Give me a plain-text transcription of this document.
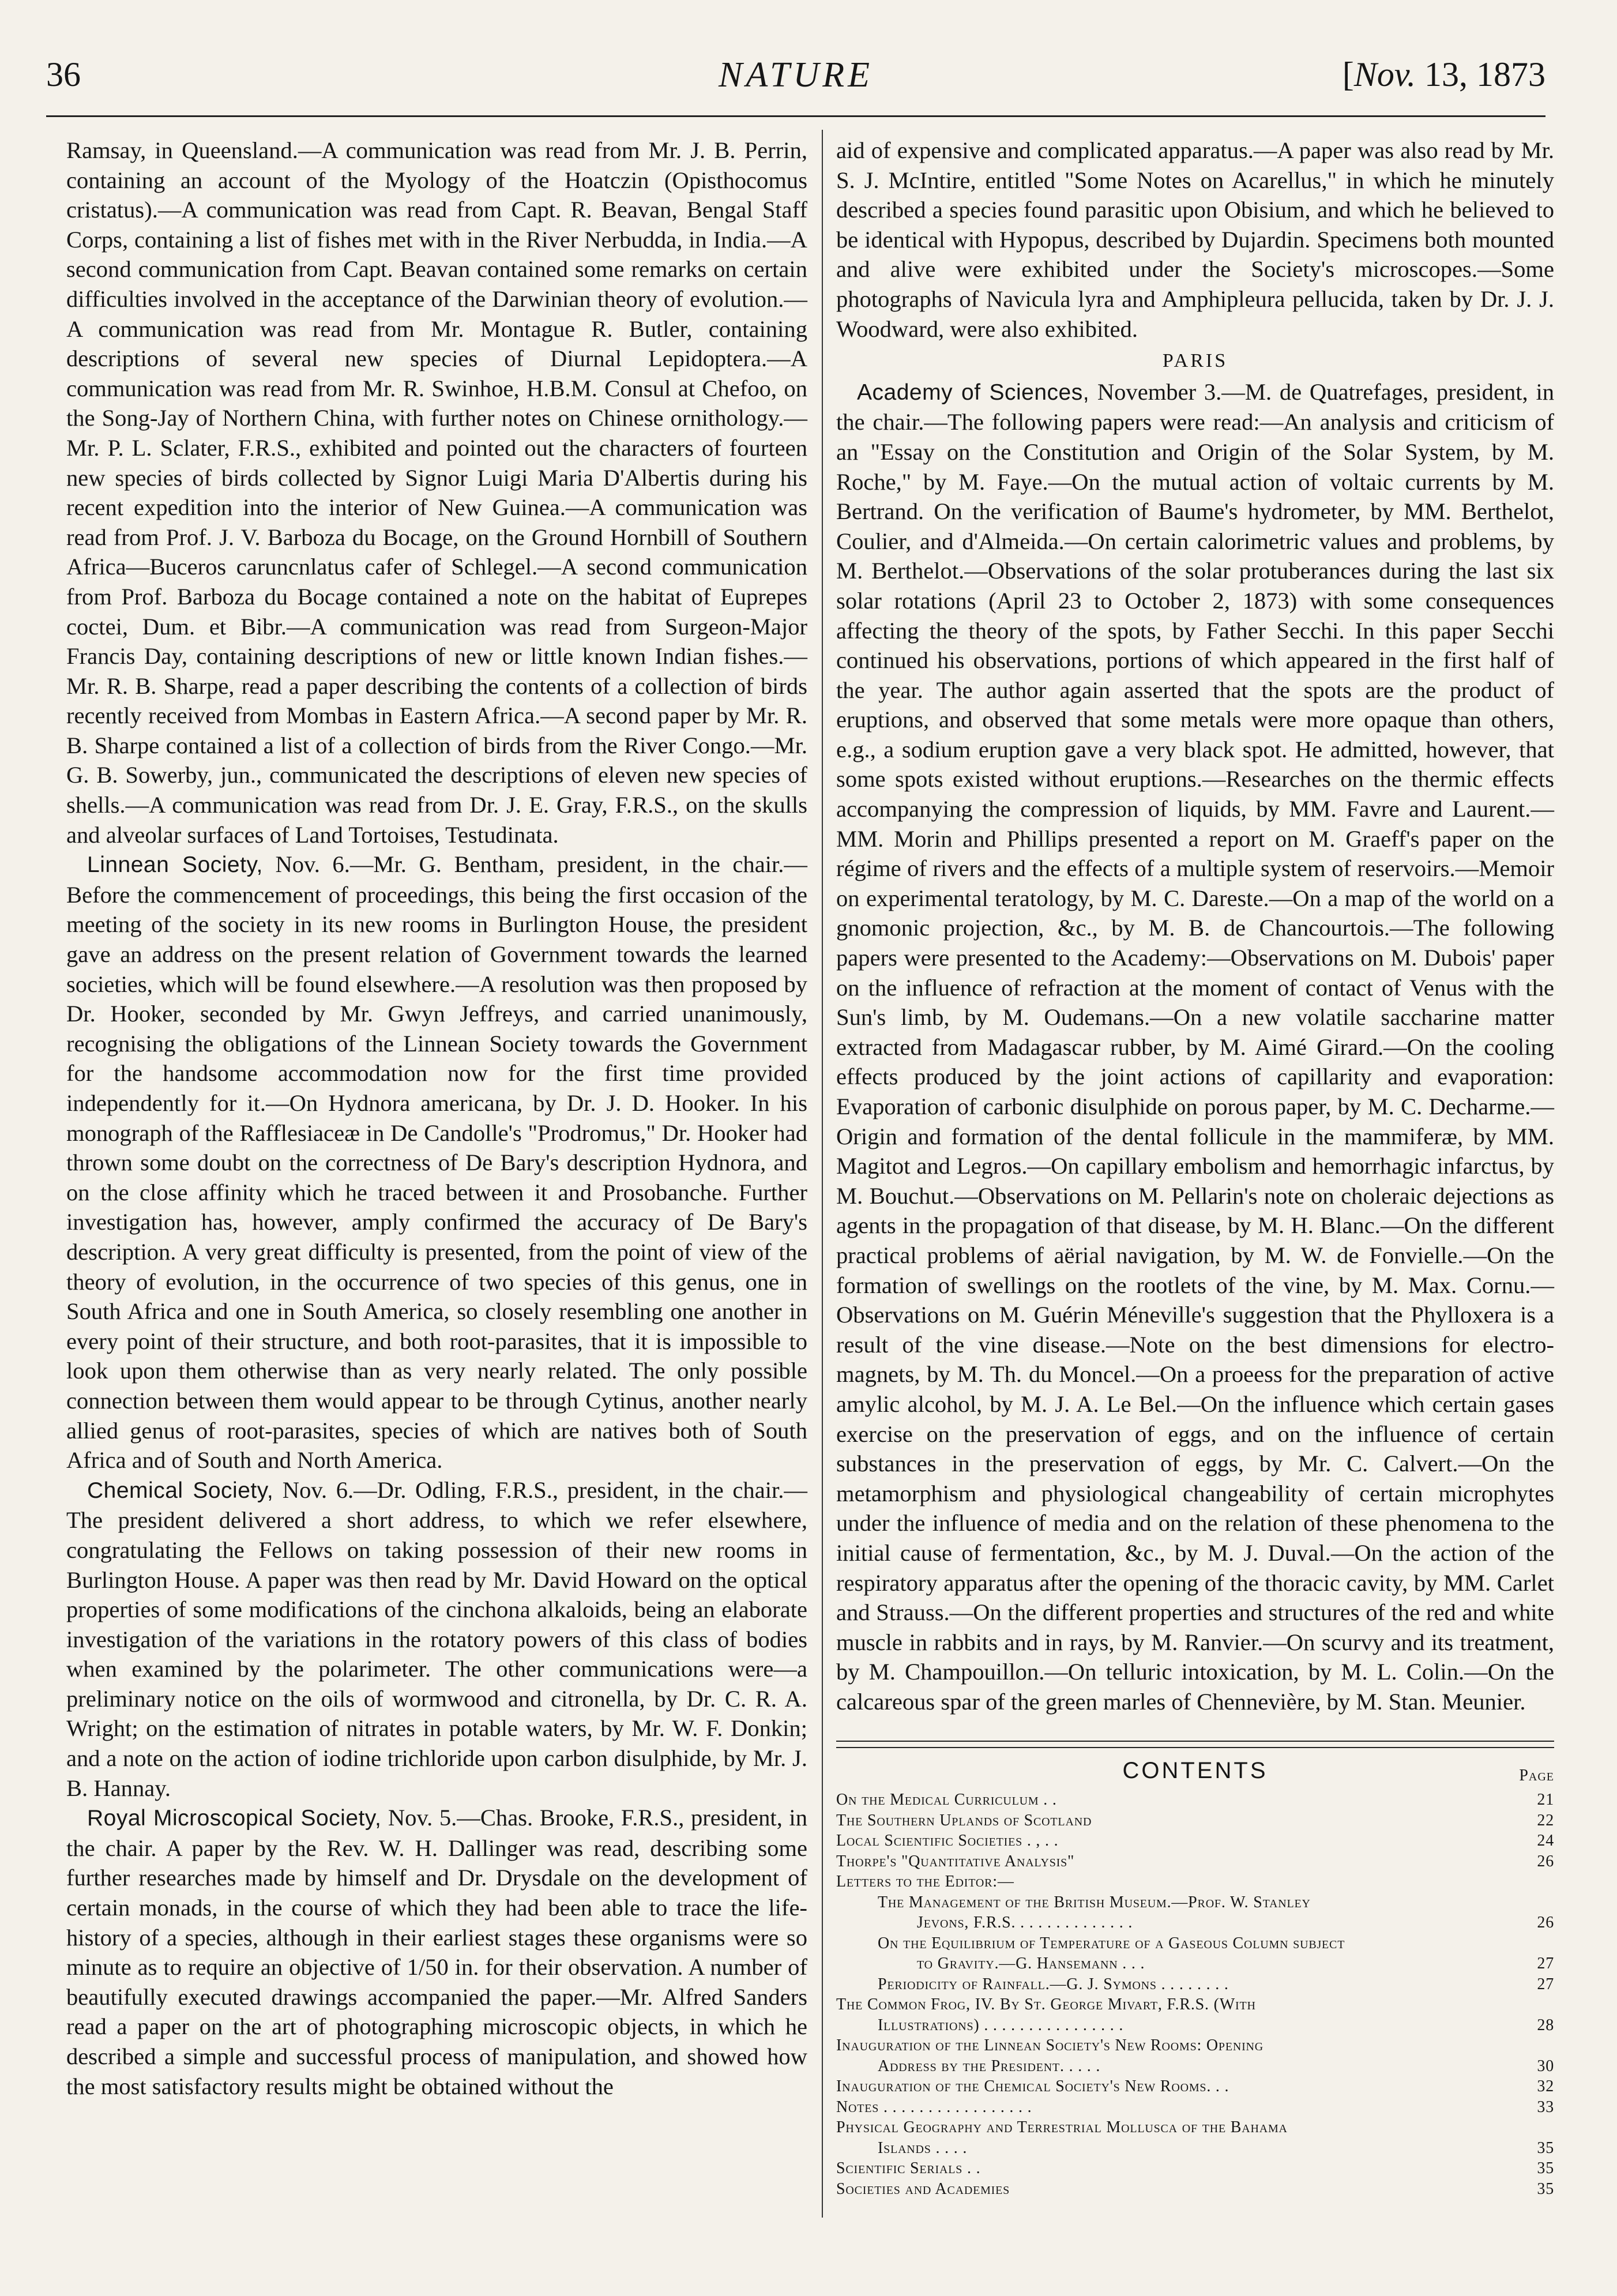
36	NATURE	[Nov. 13, 1873

Ramsay, in Queensland.—A communication was read from Mr. J. B. Perrin, containing an account of the Myology of the Hoatczin (Opisthocomus cristatus).—A communication was read from Capt. R. Beavan, Bengal Staff Corps, containing a list of fishes met with in the River Nerbudda, in India.—A second communication from Capt. Beavan contained some remarks on certain difficulties involved in the acceptance of the Darwinian theory of evolution.—A communication was read from Mr. Montague R. Butler, containing descriptions of several new species of Diurnal Lepidoptera.—A communication was read from Mr. R. Swinhoe, H.B.M. Consul at Chefoo, on the Song-Jay of Northern China, with further notes on Chinese ornithology.—Mr. P. L. Sclater, F.R.S., exhibited and pointed out the characters of fourteen new species of birds collected by Signor Luigi Maria D'Albertis during his recent expedition into the interior of New Guinea.—A communication was read from Prof. J. V. Barboza du Bocage, on the Ground Hornbill of Southern Africa—Buceros caruncnlatus cafer of Schlegel.—A second communication from Prof. Barboza du Bocage contained a note on the habitat of Euprepes coctei, Dum. et Bibr.—A communication was read from Surgeon-Major Francis Day, containing descriptions of new or little known Indian fishes.—Mr. R. B. Sharpe, read a paper describing the contents of a collection of birds recently received from Mombas in Eastern Africa.—A second paper by Mr. R. B. Sharpe contained a list of a collection of birds from the River Congo.—Mr. G. B. Sowerby, jun., communicated the descriptions of eleven new species of shells.—A communication was read from Dr. J. E. Gray, F.R.S., on the skulls and alveolar surfaces of Land Tortoises, Testudinata.

Linnean Society, Nov. 6.—Mr. G. Bentham, president, in the chair.—Before the commencement of proceedings, this being the first occasion of the meeting of the society in its new rooms in Burlington House, the president gave an address on the present relation of Government towards the learned societies, which will be found elsewhere.—A resolution was then proposed by Dr. Hooker, seconded by Mr. Gwyn Jeffreys, and carried unanimously, recognising the obligations of the Linnean Society towards the Government for the handsome accommodation now for the first time provided independently for it.—On Hydnora americana, by Dr. J. D. Hooker. In his monograph of the Rafflesiaceæ in De Candolle's "Prodromus," Dr. Hooker had thrown some doubt on the correctness of De Bary's description Hydnora, and on the close affinity which he traced between it and Prosobanche. Further investigation has, however, amply confirmed the accuracy of De Bary's description. A very great difficulty is presented, from the point of view of the theory of evolution, in the occurrence of two species of this genus, one in South Africa and one in South America, so closely resembling one another in every point of their structure, and both root-parasites, that it is impossible to look upon them otherwise than as very nearly related. The only possible connection between them would appear to be through Cytinus, another nearly allied genus of root-parasites, species of which are natives both of South Africa and of South and North America.

Chemical Society, Nov. 6.—Dr. Odling, F.R.S., president, in the chair.—The president delivered a short address, to which we refer elsewhere, congratulating the Fellows on taking possession of their new rooms in Burlington House. A paper was then read by Mr. David Howard on the optical properties of some modifications of the cinchona alkaloids, being an elaborate investigation of the variations in the rotatory powers of this class of bodies when examined by the polarimeter. The other communications were—a preliminary notice on the oils of wormwood and citronella, by Dr. C. R. A. Wright; on the estimation of nitrates in potable waters, by Mr. W. F. Donkin; and a note on the action of iodine trichloride upon carbon disulphide, by Mr. J. B. Hannay.

Royal Microscopical Society, Nov. 5.—Chas. Brooke, F.R.S., president, in the chair. A paper by the Rev. W. H. Dallinger was read, describing some further researches made by himself and Dr. Drysdale on the development of certain monads, in the course of which they had been able to trace the life-history of a species, although in their earliest stages these organisms were so minute as to require an objective of 1/50 in. for their observation. A number of beautifully executed drawings accompanied the paper.—Mr. Alfred Sanders read a paper on the art of photographing microscopic objects, in which he described a simple and successful process of manipulation, and showed how the most satisfactory results might be obtained without the

aid of expensive and complicated apparatus.—A paper was also read by Mr. S. J. McIntire, entitled "Some Notes on Acarellus," in which he minutely described a species found parasitic upon Obisium, and which he believed to be identical with Hypopus, described by Dujardin. Specimens both mounted and alive were exhibited under the Society's microscopes.—Some photographs of Navicula lyra and Amphipleura pellucida, taken by Dr. J. J. Woodward, were also exhibited.

PARIS

Academy of Sciences, November 3.—M. de Quatrefages, president, in the chair.—The following papers were read:—An analysis and criticism of an "Essay on the Constitution and Origin of the Solar System, by M. Roche," by M. Faye.—On the mutual action of voltaic currents by M. Bertrand. On the verification of Baume's hydrometer, by MM. Berthelot, Coulier, and d'Almeida.—On certain calorimetric values and problems, by M. Berthelot.—Observations of the solar protuberances during the last six solar rotations (April 23 to October 2, 1873) with some consequences affecting the theory of the spots, by Father Secchi. In this paper Secchi continued his observations, portions of which appeared in the first half of the year. The author again asserted that the spots are the product of eruptions, and observed that some metals were more opaque than others, e.g., a sodium eruption gave a very black spot. He admitted, however, that some spots existed without eruptions.—Researches on the thermic effects accompanying the compression of liquids, by MM. Favre and Laurent.—MM. Morin and Phillips presented a report on M. Graeff's paper on the régime of rivers and the effects of a multiple system of reservoirs.—Memoir on experimental teratology, by M. C. Dareste.—On a map of the world on a gnomonic projection, &c., by M. B. de Chancourtois.—The following papers were presented to the Academy:—Observations on M. Dubois' paper on the influence of refraction at the moment of contact of Venus with the Sun's limb, by M. Oudemans.—On a new volatile saccharine matter extracted from Madagascar rubber, by M. Aimé Girard.—On the cooling effects produced by the joint actions of capillarity and evaporation: Evaporation of carbonic disulphide on porous paper, by M. C. Decharme.—Origin and formation of the dental follicule in the mammiferæ, by MM. Magitot and Legros.—On capillary embolism and hemorrhagic infarctus, by M. Bouchut.—Observations on M. Pellarin's note on choleraic dejections as agents in the propagation of that disease, by M. H. Blanc.—On the different practical problems of aërial navigation, by M. W. de Fonvielle.—On the formation of swellings on the rootlets of the vine, by M. Max. Cornu.—Observations on M. Guérin Méneville's suggestion that the Phylloxera is a result of the vine disease.—Note on the best dimensions for electro-magnets, by M. Th. du Moncel.—On a proeess for the preparation of active amylic alcohol, by M. J. A. Le Bel.—On the influence which certain gases exercise on the preservation of eggs, and on the influence of certain substances in the preservation of eggs, by Mr. C. Calvert.—On the metamorphism and physiological changeability of certain microphytes under the influence of media and on the relation of these phenomena to the initial cause of fermentation, &c., by M. J. Duval.—On the action of the respiratory apparatus after the opening of the thoracic cavity, by MM. Carlet and Strauss.—On the different properties and structures of the red and white muscle in rabbits and in rays, by M. Ranvier.—On scurvy and its treatment, by M. Champouillon.—On telluric intoxication, by M. L. Colin.—On the calcareous spar of the green marles of Chennevière, by M. Stan. Meunier.

CONTENTS	Page
On the Medical Curriculum . .	21
The Southern Uplands of Scotland	22
Local Scientific Societies . , . .	24
Thorpe's "Quantitative Analysis"	26
Letters to the Editor:—
The Management of the British Museum.—Prof. W. Stanley
Jevons, F.R.S. . . . . . . . . . . . . .	26
On the Equilibrium of Temperature of a Gaseous Column subject
to Gravity.—G. Hansemann . . .	27
Periodicity of Rainfall.—G. J. Symons . . . . . . . .	27
The Common Frog, IV. By St. George Mivart, F.R.S. (With
Illustrations) . . . . . . . . . . . . . . . .	28
Inauguration of the Linnean Society's New Rooms: Opening
Address by the President. . . . .	30
Inauguration of the Chemical Society's New Rooms. . .	32
Notes . . . . . . . . . . . . . . . . .	33
Physical Geography and Terrestrial Mollusca of the Bahama
Islands . . . .	35
Scientific Serials . .	35
Societies and Academies	35
